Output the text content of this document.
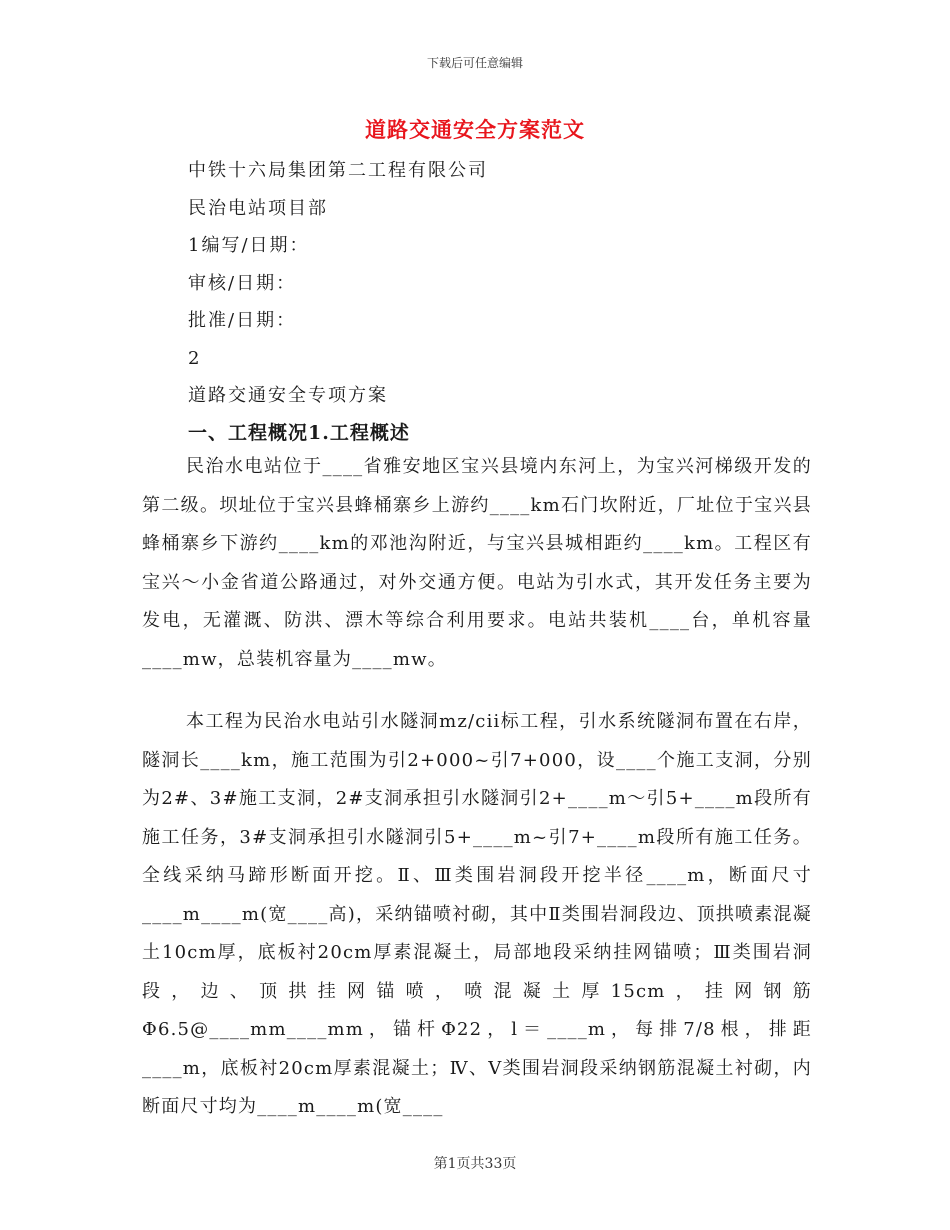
下载后可任意编辑
道路交通安全方案范文
中铁十六局集团第二工程有限公司
民治电站项目部
1编写/日期：
审核/日期：
批准/日期：
2
道路交通安全专项方案
一、工程概况1.工程概述

民治水电站位于____省雅安地区宝兴县境内东河上，为宝兴河梯级开发的第二级。坝址位于宝兴县蜂桶寨乡上游约____km石门坎附近，厂址位于宝兴县蜂桶寨乡下游约____km的邓池沟附近，与宝兴县城相距约____km。工程区有宝兴～小金省道公路通过，对外交通方便。电站为引水式，其开发任务主要为发电，无灌溉、防洪、漂木等综合利用要求。电站共装机____台，单机容量____mw，总装机容量为____mw。

本工程为民治水电站引水隧洞mz/cii标工程，引水系统隧洞布置在右岸，隧洞长____km，施工范围为引2+000~引7+000，设____个施工支洞，分别为2#、3#施工支洞，2#支洞承担引水隧洞引2+____m～引5+____m段所有施工任务，3#支洞承担引水隧洞引5+____m~引7+____m段所有施工任务。全线采纳马蹄形断面开挖。Ⅱ、Ⅲ类围岩洞段开挖半径____m，断面尺寸____m____m(宽____高)，采纳锚喷衬砌，其中Ⅱ类围岩洞段边、顶拱喷素混凝土10cm厚，底板衬20cm厚素混凝土，局部地段采纳挂网锚喷；Ⅲ类围岩洞段，边、顶拱挂网锚喷，喷混凝土厚15cm，挂网钢筋Φ6.5@____mm____mm，锚杆Φ22，l＝____m，每排7/8根，排距____m，底板衬20cm厚素混凝土；Ⅳ、Ⅴ类围岩洞段采纳钢筋混凝土衬砌，内断面尺寸均为____m____m(宽____

第1页共33页
